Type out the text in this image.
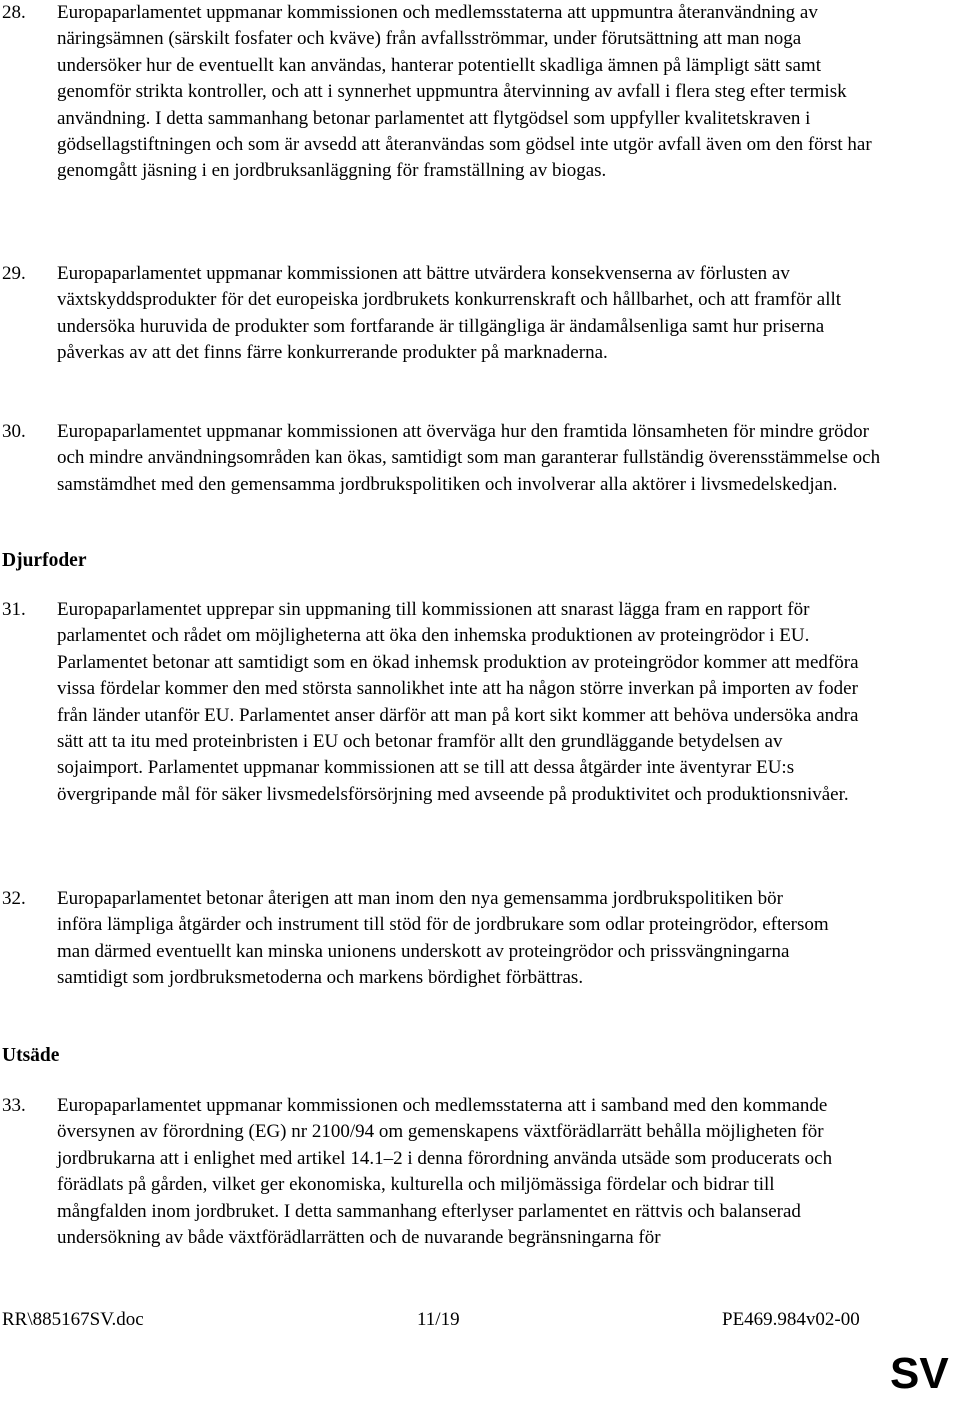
28. Europaparlamentet uppmanar kommissionen och medlemsstaterna att uppmuntra återanvändning av näringsämnen (särskilt fosfater och kväve) från avfallsströmmar, under förutsättning att man noga undersöker hur de eventuellt kan användas, hanterar potentiellt skadliga ämnen på lämpligt sätt samt genomför strikta kontroller, och att i synnerhet uppmuntra återvinning av avfall i flera steg efter termisk användning. I detta sammanhang betonar parlamentet att flytgödsel som uppfyller kvalitetskraven i gödsellagstiftningen och som är avsedd att återanvändas som gödsel inte utgör avfall även om den först har genomgått jäsning i en jordbruksanläggning för framställning av biogas.
29. Europaparlamentet uppmanar kommissionen att bättre utvärdera konsekvenserna av förlusten av växtskyddsprodukter för det europeiska jordbrukets konkurrenskraft och hållbarhet, och att framför allt undersöka huruvida de produkter som fortfarande är tillgängliga är ändamålsenliga samt hur priserna påverkas av att det finns färre konkurrerande produkter på marknaderna.
30. Europaparlamentet uppmanar kommissionen att överväga hur den framtida lönsamheten för mindre grödor och mindre användningsområden kan ökas, samtidigt som man garanterar fullständig överensstämmelse och samstämdhet med den gemensamma jordbrukspolitiken och involverar alla aktörer i livsmedelskedjan.
Djurfoder
31. Europaparlamentet upprepar sin uppmaning till kommissionen att snarast lägga fram en rapport för parlamentet och rådet om möjligheterna att öka den inhemska produktionen av proteingrödor i EU. Parlamentet betonar att samtidigt som en ökad inhemsk produktion av proteingrödor kommer att medföra vissa fördelar kommer den med största sannolikhet inte att ha någon större inverkan på importen av foder från länder utanför EU. Parlamentet anser därför att man på kort sikt kommer att behöva undersöka andra sätt att ta itu med proteinbristen i EU och betonar framför allt den grundläggande betydelsen av sojaimport. Parlamentet uppmanar kommissionen att se till att dessa åtgärder inte äventyrar EU:s övergripande mål för säker livsmedelsförsörjning med avseende på produktivitet och produktionsnivåer.
32. Europaparlamentet betonar återigen att man inom den nya gemensamma jordbrukspolitiken bör införa lämpliga åtgärder och instrument till stöd för de jordbrukare som odlar proteingrödor, eftersom man därmed eventuellt kan minska unionens underskott av proteingrödor och prissvängningarna samtidigt som jordbruksmetoderna och markens bördighet förbättras.
Utsäde
33. Europaparlamentet uppmanar kommissionen och medlemsstaterna att i samband med den kommande översynen av förordning (EG) nr 2100/94 om gemenskapens växtförädlarrätt behålla möjligheten för jordbrukarna att i enlighet med artikel 14.1–2 i denna förordning använda utsäde som producerats och förädlats på gården, vilket ger ekonomiska, kulturella och miljömässiga fördelar och bidrar till mångfalden inom jordbruket. I detta sammanhang efterlyser parlamentet en rättvis och balanserad undersökning av både växtförädlarrätten och de nuvarande begränsningarna för
RR\885167SV.doc	11/19	PE469.984v02-00
SV
